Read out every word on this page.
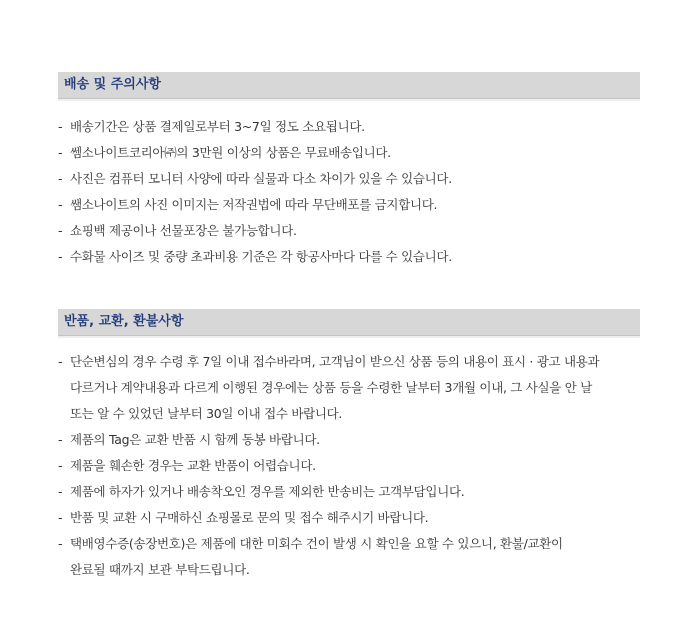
배송 및 주의사항
- 배송기간은 상품 결제일로부터 3~7일 정도 소요됩니다.
- 쎔소나이트코리아㈜의 3만원 이상의 상품은 무료배송입니다.
- 사진은 컴퓨터 모니터 사양에 따라 실물과 다소 차이가 있을 수 있습니다.
- 쌤소나이트의 사진 이미지는 저작권법에 따라 무단배포를 금지합니다.
- 쇼핑백 제공이나 선물포장은 불가능합니다.
- 수화물 사이즈 및 중량 초과비용 기준은 각 항공사마다 다를 수 있습니다.
반품, 교환, 환불사항
- 단순변심의 경우 수령 후 7일 이내 접수바라며, 고객님이 받으신 상품 등의 내용이 표시 · 광고 내용과
다르거나 계약내용과 다르게 이행된 경우에는 상품 등을 수령한 날부터 3개월 이내, 그 사실을 안 날
또는 알 수 있었던 날부터 30일 이내 접수 바랍니다.
- 제품의 Tag은 교환 반품 시 함께 동봉 바랍니다.
- 제품을 훼손한 경우는 교환 반품이 어렵습니다.
- 제품에 하자가 있거나 배송착오인 경우를 제외한 반송비는 고객부담입니다.
- 반품 및 교환 시 구매하신 쇼핑몰로 문의 및 접수 해주시기 바랍니다.
- 택배영수증(송장번호)은 제품에 대한 미회수 건이 발생 시 확인을 요할 수 있으니, 환불/교환이
완료될 때까지 보관 부탁드립니다.
